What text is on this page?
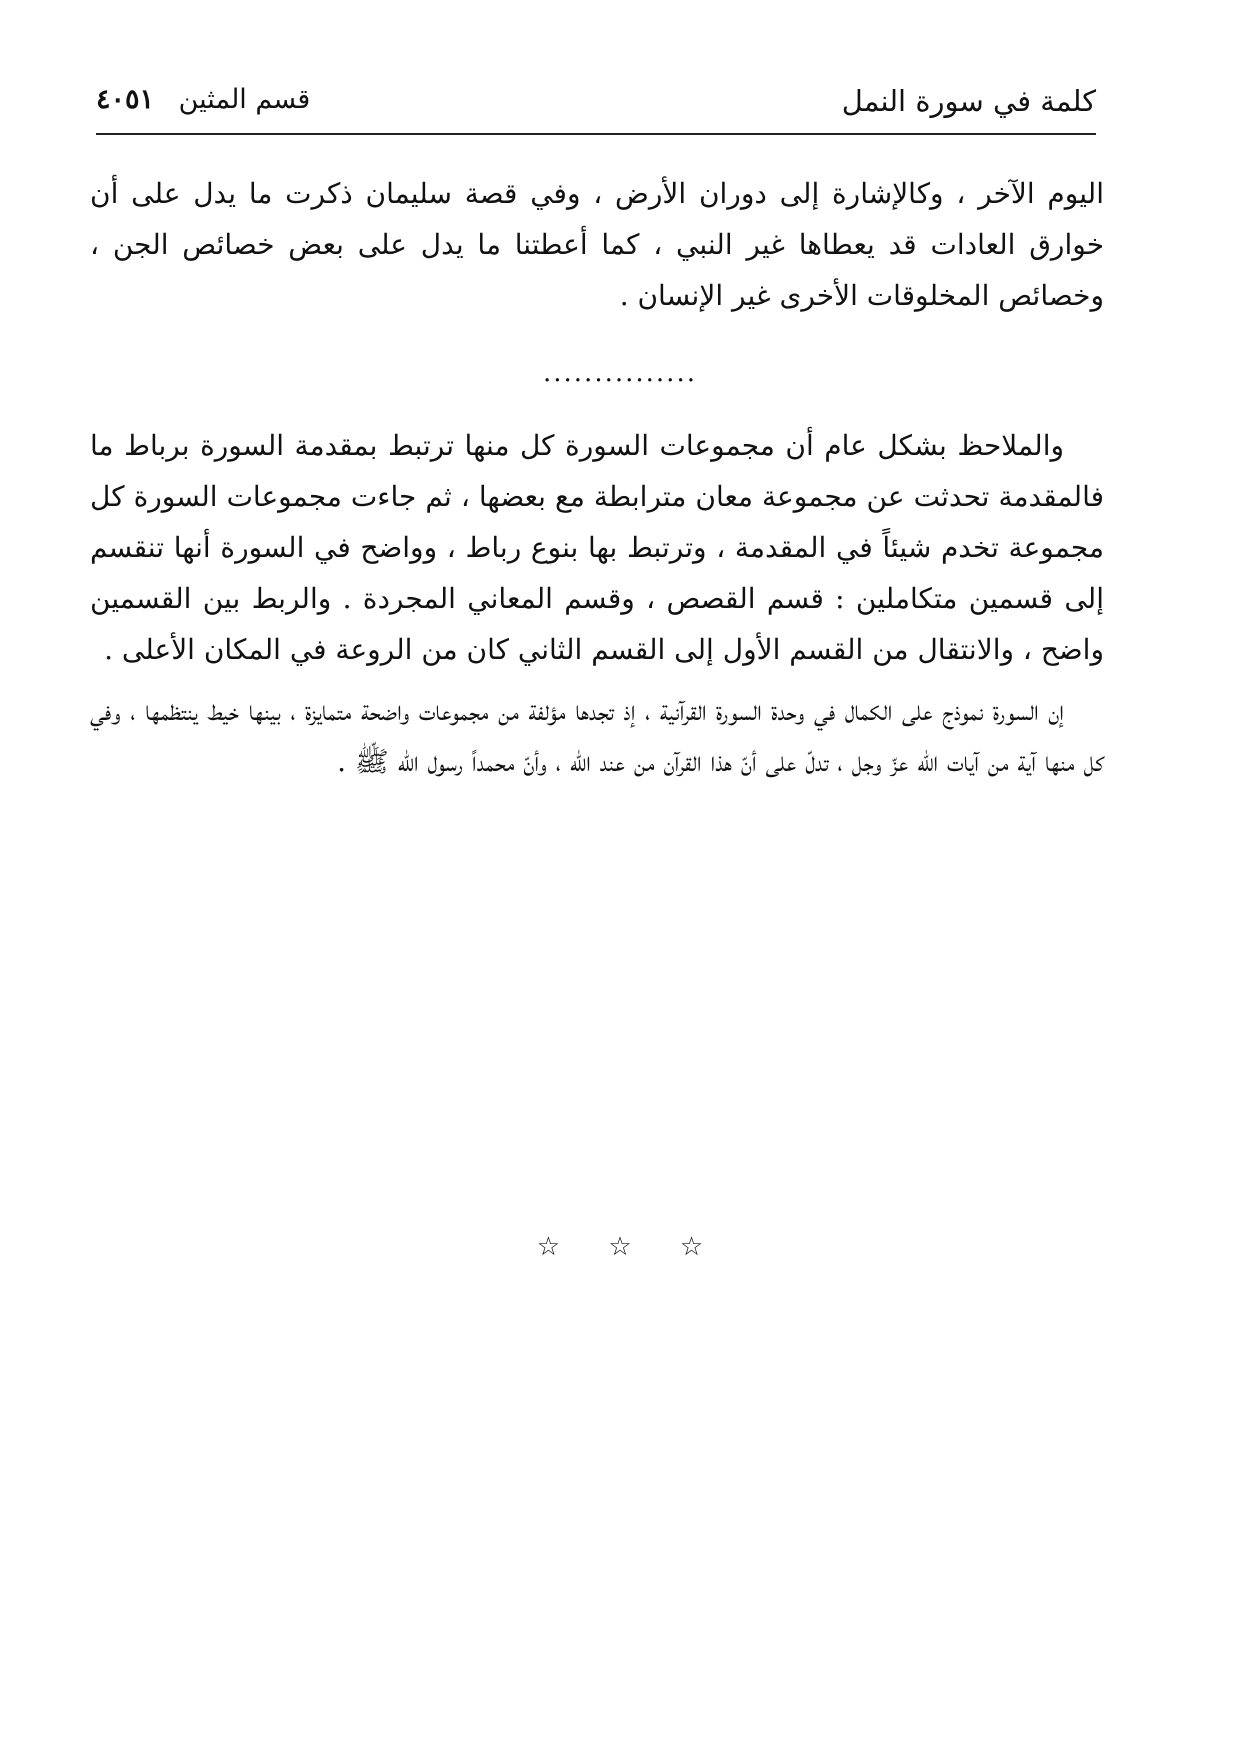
كلمة في سورة النمل
قسم المثين ٤٠٥١

اليوم الآخر ، وكالإشارة إلى دوران الأرض ، وفي قصة سليمان ذكرت ما يدل على أن خوارق العادات قد يعطاها غير النبي ، كما أعطتنا ما يدل على بعض خصائص الجن ، وخصائص المخلوقات الأخرى غير الإنسان .

...............

والملاحظ بشكل عام أن مجموعات السورة كل منها ترتبط بمقدمة السورة برباط ما فالمقدمة تحدثت عن مجموعة معان مترابطة مع بعضها ، ثم جاءت مجموعات السورة كل مجموعة تخدم شيئاً في المقدمة ، وترتبط بها بنوع رباط ، وواضح في السورة أنها تنقسم إلى قسمين متكاملين : قسم القصص ، وقسم المعاني المجردة . والربط بين القسمين واضح ، والانتقال من القسم الأول إلى القسم الثاني كان من الروعة في المكان الأعلى .

إن السورة نموذج على الكمال في وحدة السورة القرآنية ، إذ تجدها مؤلفة من مجموعات واضحة متمايزة ، بينها خيط ينتظمها ، وفي كل منها آية من آيات الله عزّ وجل ، تدلّ على أنّ هذا القرآن من عند الله ، وأنّ محمداً رسول الله ﷺ .

☆ ☆ ☆
